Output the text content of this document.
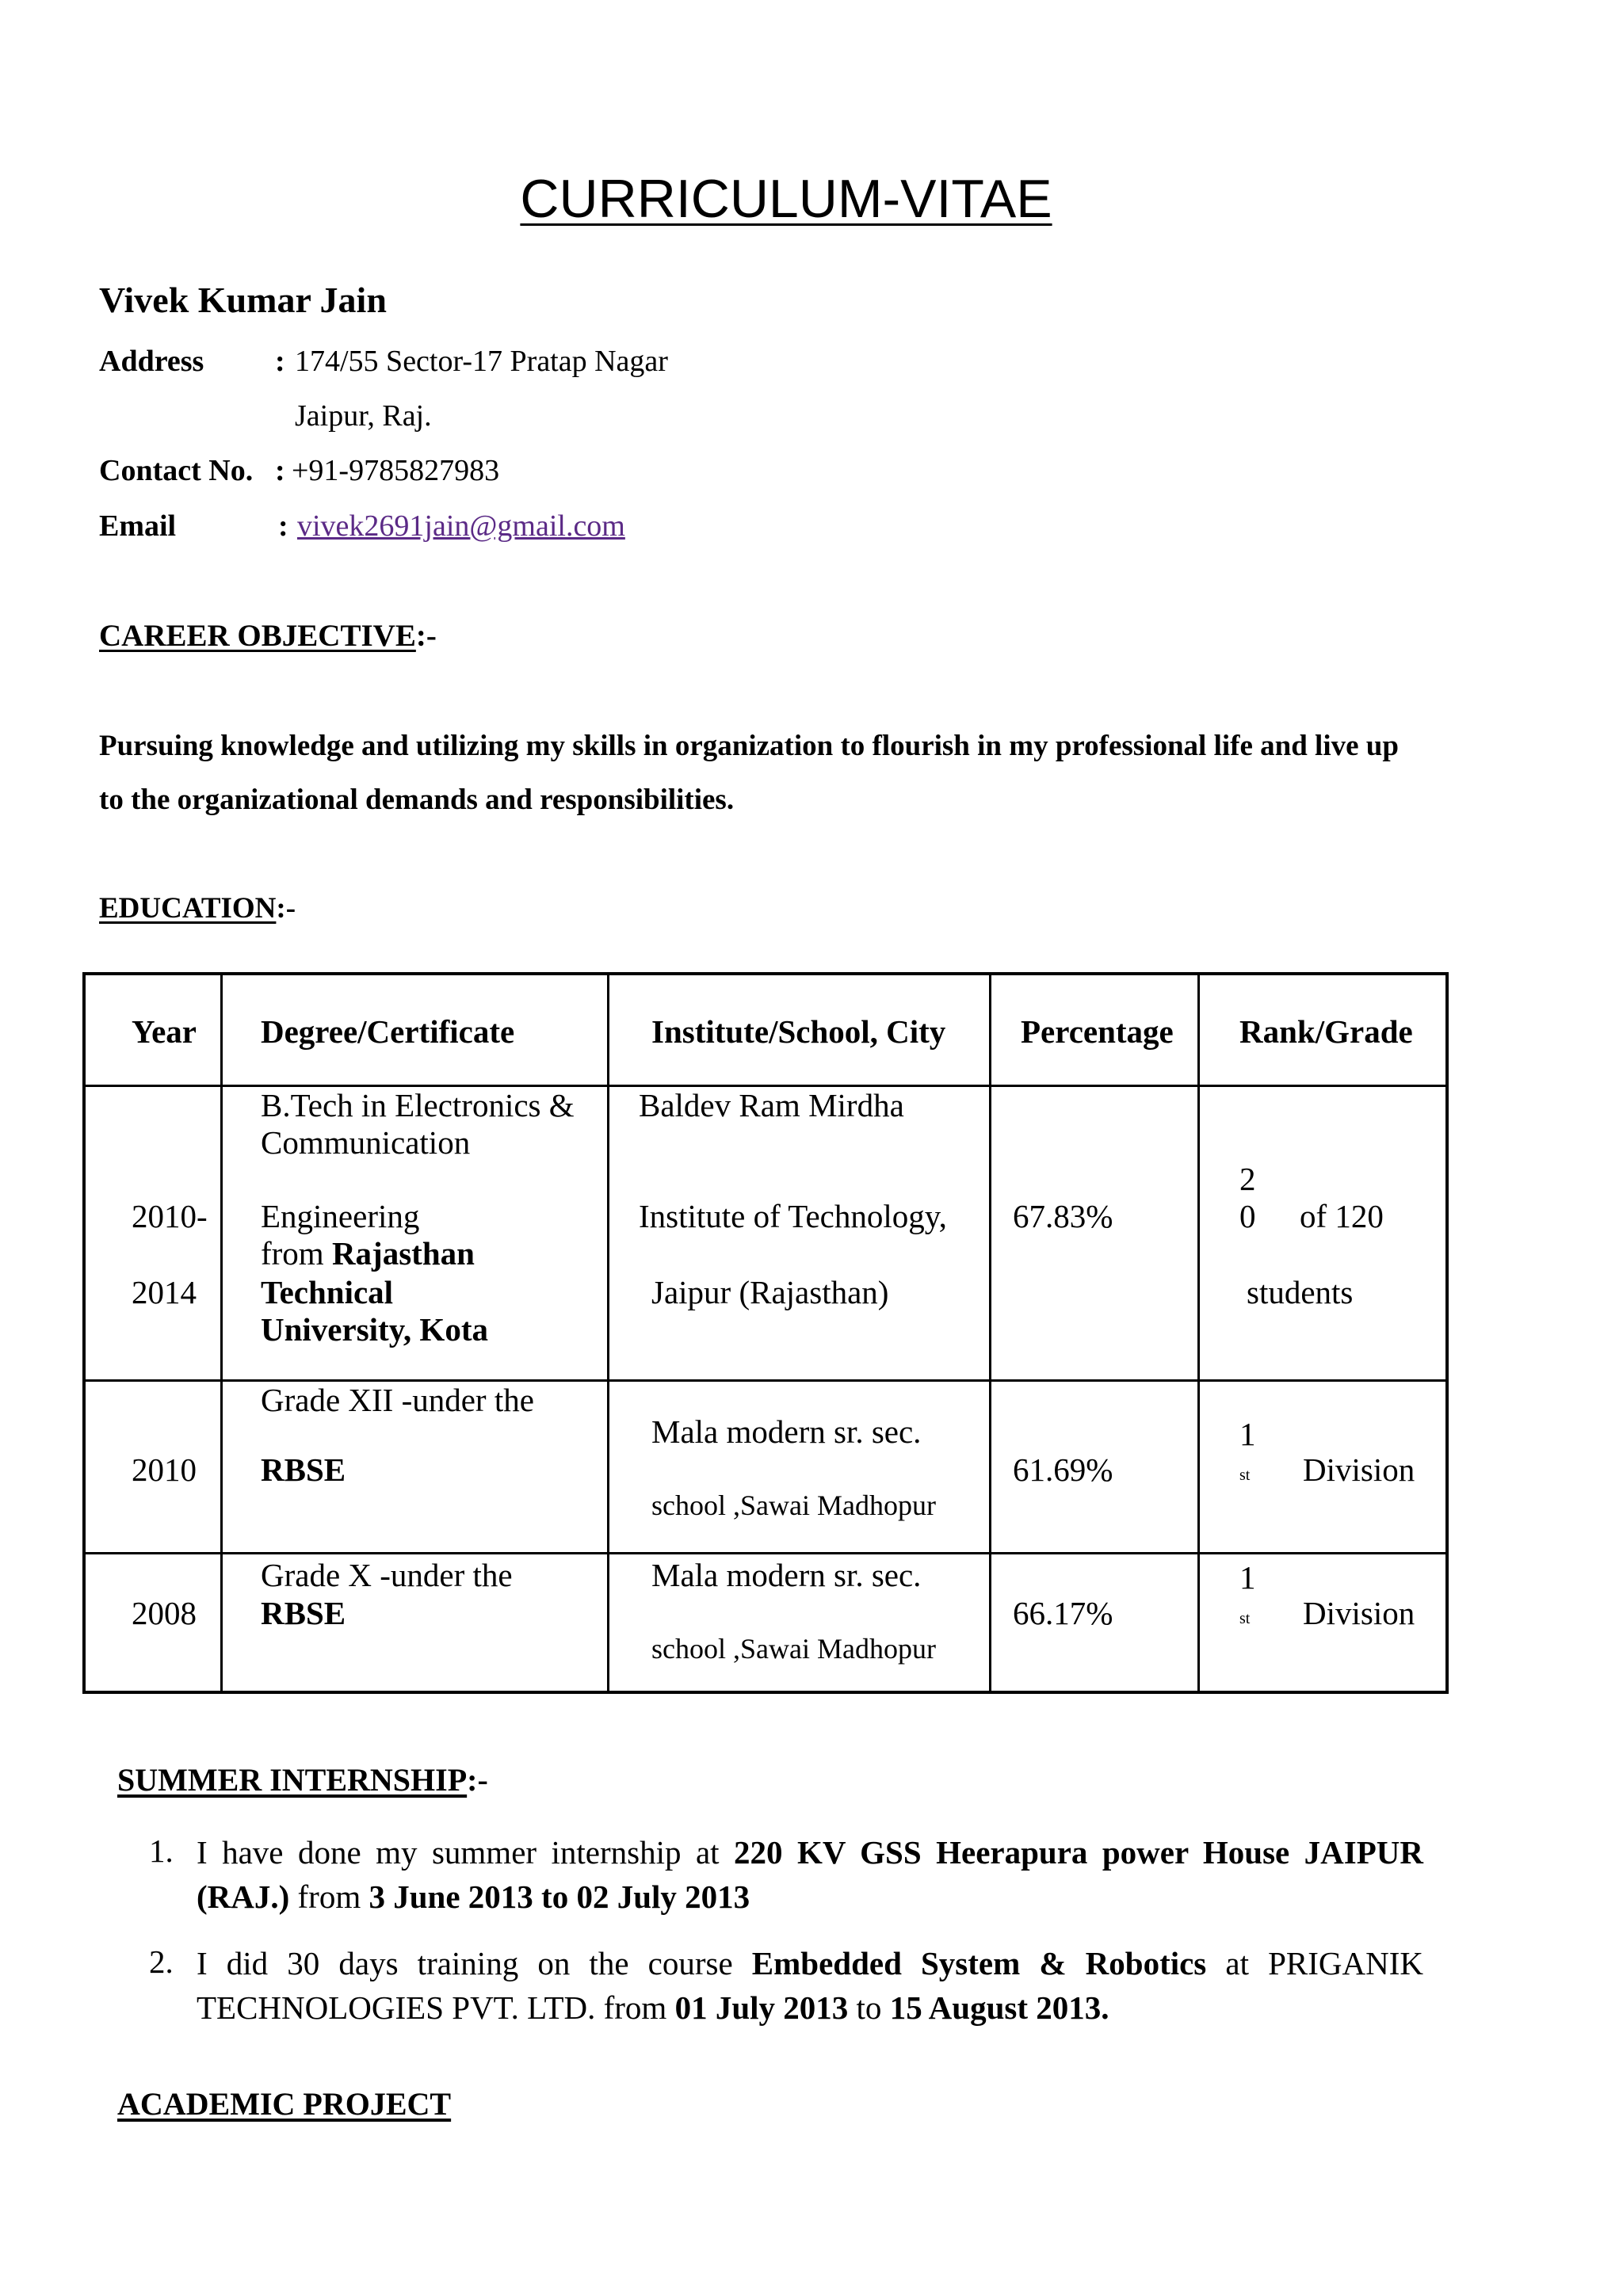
CURRICULUM-VITAE
Vivek Kumar Jain
Address : 174/55 Sector-17 Pratap Nagar
Jaipur, Raj.
Contact No. : +91-9785827983
Email	: vivek2691jain@gmail.com
CAREER OBJECTIVE:-
Pursuing knowledge and utilizing my skills in organization to flourish in my professional life and live up
to the organizational demands and responsibilities.
EDUCATION:-
Year Degree/Certificate	Institute/School, City Percentage Rank/Grade
2010-
2014
B.Tech in Electronics &
Communication
Engineering
from Rajasthan
Technical
University, Kota
Baldev Ram Mirdha
Institute of Technology,
Jaipur (Rajasthan)
67.83%
2
0 of 120
students
2010
Grade XII -under the
RBSE
Mala modern sr. sec.
school ,Sawai Madhopur
61.69%
1
st Division
2008
Grade X -under the
RBSE
Mala modern sr. sec.
school ,Sawai Madhopur
66.17%
1
st Division
SUMMER INTERNSHIP:-
1. I have done my summer internship at 220 KV GSS Heerapura power House JAIPUR
(RAJ.) from 3 June 2013 to 02 July 2013
2. I did 30 days training on the course Embedded System & Robotics at PRIGANIK
TECHNOLOGIES PVT. LTD. from 01 July 2013 to 15 August 2013.
ACADEMIC PROJECT
